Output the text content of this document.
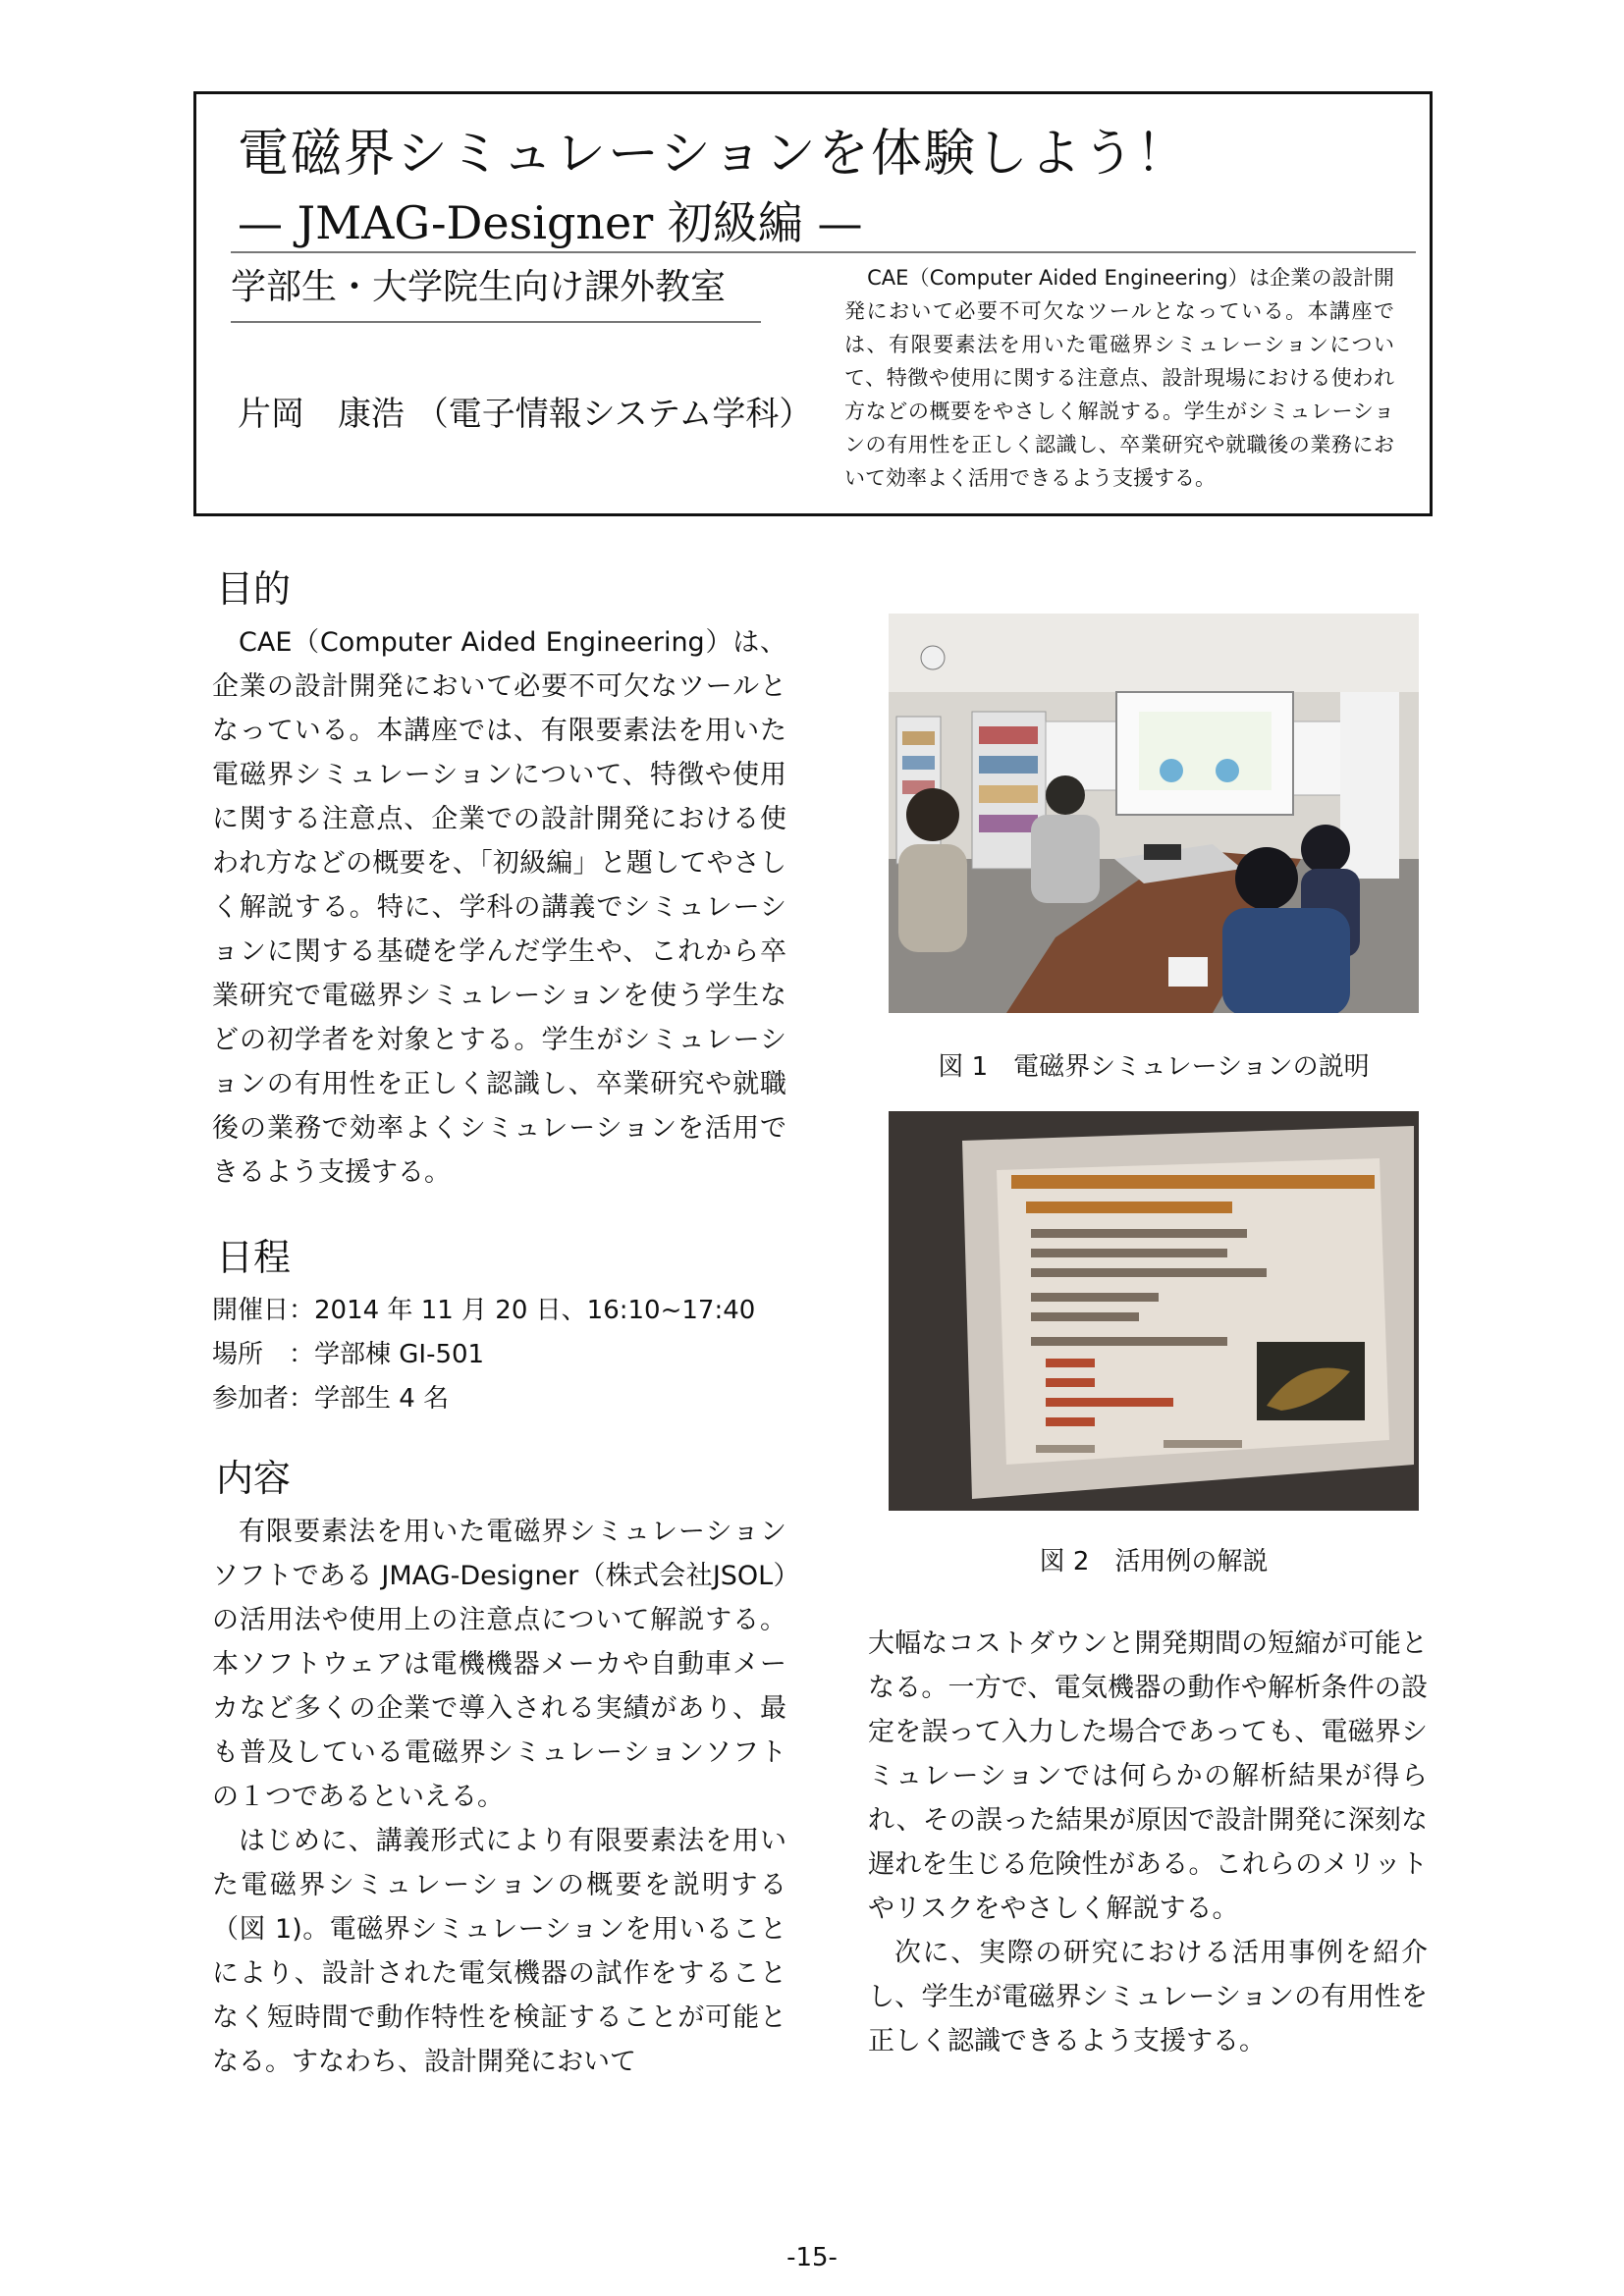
電磁界シミュレーションを体験しよう！
— JMAG-Designer 初級編 —
学部生・大学院生向け課外教室
片岡　康浩 （電子情報システム学科）

CAE（Computer Aided Engineering）は企業の設計開発において必要不可欠なツールとなっている。本講座では、有限要素法を用いた電磁界シミュレーションについて、特徴や使用に関する注意点、設計現場における使われ方などの概要をやさしく解説する。学生がシミュレーションの有用性を正しく認識し、卒業研究や就職後の業務において効率よく活用できるよう支援する。

目的

CAE（Computer Aided Engineering）は、企業の設計開発において必要不可欠なツールとなっている。本講座では、有限要素法を用いた電磁界シミュレーションについて、特徴や使用に関する注意点、企業での設計開発における使われ方などの概要を、「初級編」と題してやさしく解説する。特に、学科の講義でシミュレーションに関する基礎を学んだ学生や、これから卒業研究で電磁界シミュレーションを使う学生などの初学者を対象とする。学生がシミュレーションの有用性を正しく認識し、卒業研究や就職後の業務で効率よくシミュレーションを活用できるよう支援する。

日程
開催日：2014 年 11 月 20 日、16:10~17:40
場所　：学部棟 GI-501
参加者：学部生 4 名
内容

有限要素法を用いた電磁界シミュレーションソフトである JMAG-Designer（株式会社JSOL）の活用法や使用上の注意点について解説する。本ソフトウェアは電機機器メーカや自動車メーカなど多くの企業で導入される実績があり、最も普及している電磁界シミュレーションソフトの１つであるといえる。

はじめに、講義形式により有限要素法を用いた電磁界シミュレーションの概要を説明する（図 1)。電磁界シミュレーションを用いることにより、設計された電気機器の試作をすることなく短時間で動作特性を検証することが可能となる。すなわち、設計開発において

図 1　電磁界シミュレーションの説明
図 2　活用例の解説

大幅なコストダウンと開発期間の短縮が可能となる。一方で、電気機器の動作や解析条件の設定を誤って入力した場合であっても、電磁界シミュレーションでは何らかの解析結果が得られ、その誤った結果が原因で設計開発に深刻な遅れを生じる危険性がある。これらのメリットやリスクをやさしく解説する。

次に、実際の研究における活用事例を紹介し、学生が電磁界シミュレーションの有用性を正しく認識できるよう支援する。

-15-
